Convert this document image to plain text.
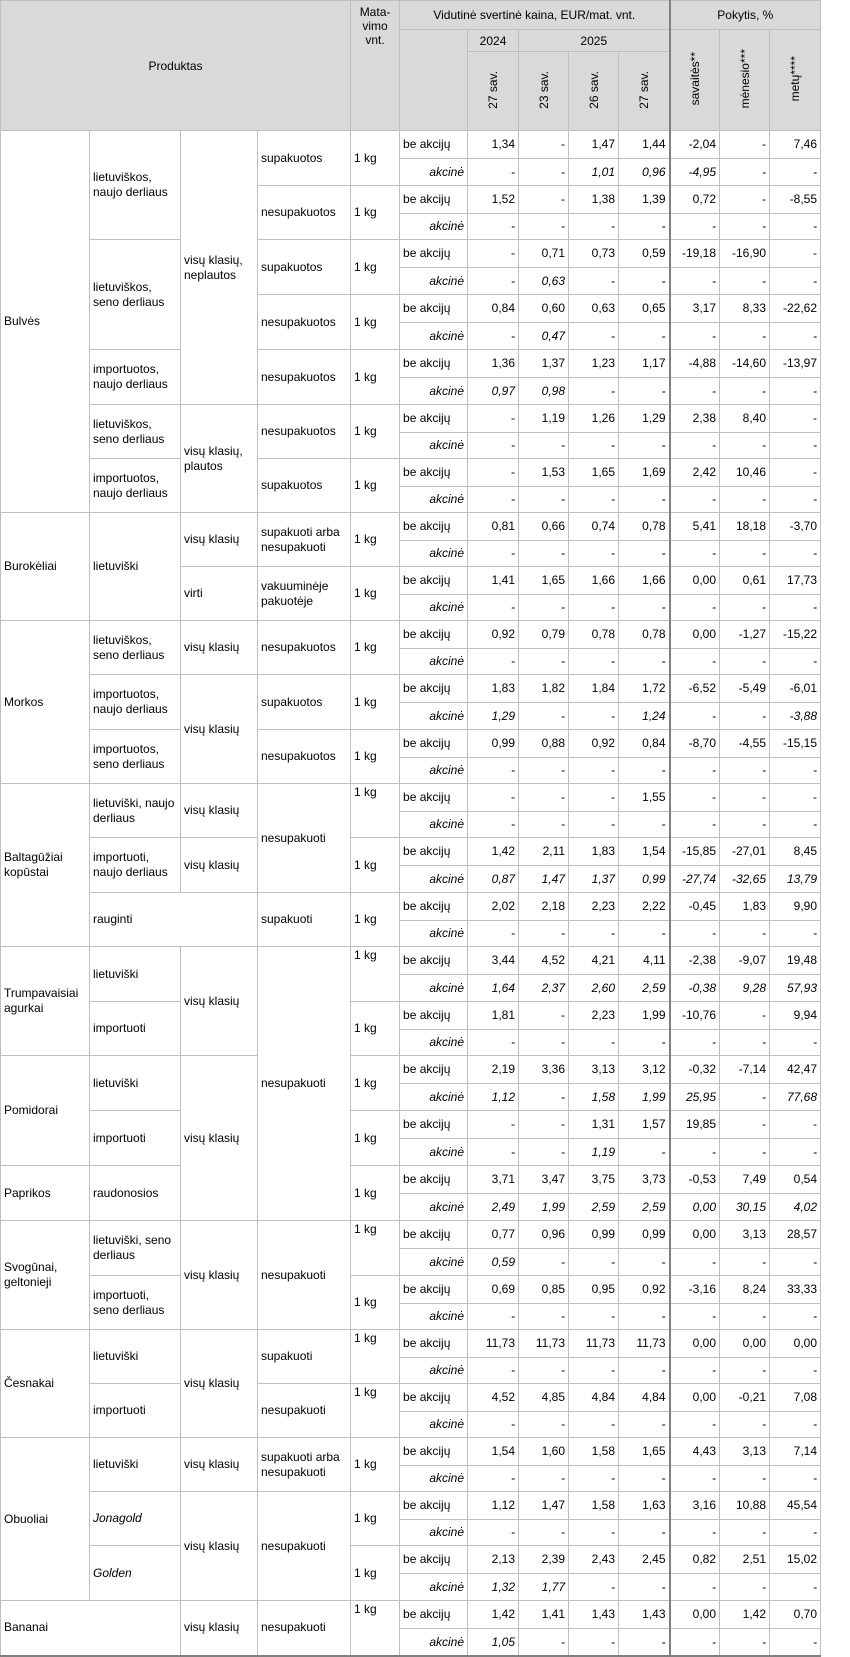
Produktas				Mata-vimo vnt.	Vidutinė svertinė kaina, EUR/mat. vnt.					Pokytis, %		
						2024	2025			savaitės**	mėnesio***	metų****
						27 sav.	23 sav.	26 sav.	27 sav.			
Bulvės	lietuviškos, naujo derliaus	visų klasių, neplautos	supakuotos	1 kg	be akcijų	1,34	-	1,47	1,44	-2,04	-	7,46
					akcinė	-	-	1,01	0,96	-4,95	-	-
			nesupakuotos	1 kg	be akcijų	1,52	-	1,38	1,39	0,72	-	-8,55
					akcinė	-	-	-	-	-	-	-
	lietuviškos, seno derliaus		supakuotos	1 kg	be akcijų	-	0,71	0,73	0,59	-19,18	-16,90	-
					akcinė	-	0,63	-	-	-	-	-
			nesupakuotos	1 kg	be akcijų	0,84	0,60	0,63	0,65	3,17	8,33	-22,62
					akcinė	-	0,47	-	-	-	-	-
	importuotos, naujo derliaus		nesupakuotos	1 kg	be akcijų	1,36	1,37	1,23	1,17	-4,88	-14,60	-13,97
					akcinė	0,97	0,98	-	-	-	-	-
	lietuviškos, seno derliaus	visų klasių, plautos	nesupakuotos	1 kg	be akcijų	-	1,19	1,26	1,29	2,38	8,40	-
					akcinė	-	-	-	-	-	-	-
	importuotos, naujo derliaus		supakuotos	1 kg	be akcijų	-	1,53	1,65	1,69	2,42	10,46	-
					akcinė	-	-	-	-	-	-	-
Burokėliai	lietuviški	visų klasių	supakuoti arba nesupakuoti	1 kg	be akcijų	0,81	0,66	0,74	0,78	5,41	18,18	-3,70
					akcinė	-	-	-	-	-	-	-
		virti	vakuuminėje pakuotėje	1 kg	be akcijų	1,41	1,65	1,66	1,66	0,00	0,61	17,73
					akcinė	-	-	-	-	-	-	-
Morkos	lietuviškos, seno derliaus	visų klasių	nesupakuotos	1 kg	be akcijų	0,92	0,79	0,78	0,78	0,00	-1,27	-15,22
					akcinė	-	-	-	-	-	-	-
	importuotos, naujo derliaus	visų klasių	supakuotos	1 kg	be akcijų	1,83	1,82	1,84	1,72	-6,52	-5,49	-6,01
					akcinė	1,29	-	-	1,24	-	-	-3,88
	importuotos, seno derliaus		nesupakuotos	1 kg	be akcijų	0,99	0,88	0,92	0,84	-8,70	-4,55	-15,15
					akcinė	-	-	-	-	-	-	-
Baltagūžiai kopūstai	lietuviški, naujo derliaus	visų klasių	nesupakuoti	1 kg	be akcijų	-	-	-	1,55	-	-	-
					akcinė	-	-	-	-	-	-	-
	importuoti, naujo derliaus	visų klasių		1 kg	be akcijų	1,42	2,11	1,83	1,54	-15,85	-27,01	8,45
					akcinė	0,87	1,47	1,37	0,99	-27,74	-32,65	13,79
	rauginti		supakuoti	1 kg	be akcijų	2,02	2,18	2,23	2,22	-0,45	1,83	9,90
					akcinė	-	-	-	-	-	-	-
Trumpavaisiai agurkai	lietuviški	visų klasių	nesupakuoti	1 kg	be akcijų	3,44	4,52	4,21	4,11	-2,38	-9,07	19,48
					akcinė	1,64	2,37	2,60	2,59	-0,38	9,28	57,93
	importuoti			1 kg	be akcijų	1,81	-	2,23	1,99	-10,76	-	9,94
					akcinė	-	-	-	-	-	-	-
Pomidorai	lietuviški	visų klasių		1 kg	be akcijų	2,19	3,36	3,13	3,12	-0,32	-7,14	42,47
					akcinė	1,12	-	1,58	1,99	25,95	-	77,68
	importuoti			1 kg	be akcijų	-	-	1,31	1,57	19,85	-	-
					akcinė	-	-	1,19	-	-	-	-
Paprikos	raudonosios			1 kg	be akcijų	3,71	3,47	3,75	3,73	-0,53	7,49	0,54
					akcinė	2,49	1,99	2,59	2,59	0,00	30,15	4,02
Svogūnai, geltonieji	lietuviški, seno derliaus	visų klasių	nesupakuoti	1 kg	be akcijų	0,77	0,96	0,99	0,99	0,00	3,13	28,57
					akcinė	0,59	-	-	-	-	-	-
	importuoti, seno derliaus			1 kg	be akcijų	0,69	0,85	0,95	0,92	-3,16	8,24	33,33
					akcinė	-	-	-	-	-	-	-
Česnakai	lietuviški	visų klasių	supakuoti	1 kg	be akcijų	11,73	11,73	11,73	11,73	0,00	0,00	0,00
					akcinė	-	-	-	-	-	-	-
	importuoti		nesupakuoti	1 kg	be akcijų	4,52	4,85	4,84	4,84	0,00	-0,21	7,08
					akcinė	-	-	-	-	-	-	-
Obuoliai	lietuviški	visų klasių	supakuoti arba nesupakuoti	1 kg	be akcijų	1,54	1,60	1,58	1,65	4,43	3,13	7,14
					akcinė	-	-	-	-	-	-	-
	Jonagold	visų klasių	nesupakuoti	1 kg	be akcijų	1,12	1,47	1,58	1,63	3,16	10,88	45,54
					akcinė	-	-	-	-	-	-	-
	Golden			1 kg	be akcijų	2,13	2,39	2,43	2,45	0,82	2,51	15,02
					akcinė	1,32	1,77	-	-	-	-	-
Bananai		visų klasių	nesupakuoti	1 kg	be akcijų	1,42	1,41	1,43	1,43	0,00	1,42	0,70
					akcinė	1,05	-	-	-	-	-	-
